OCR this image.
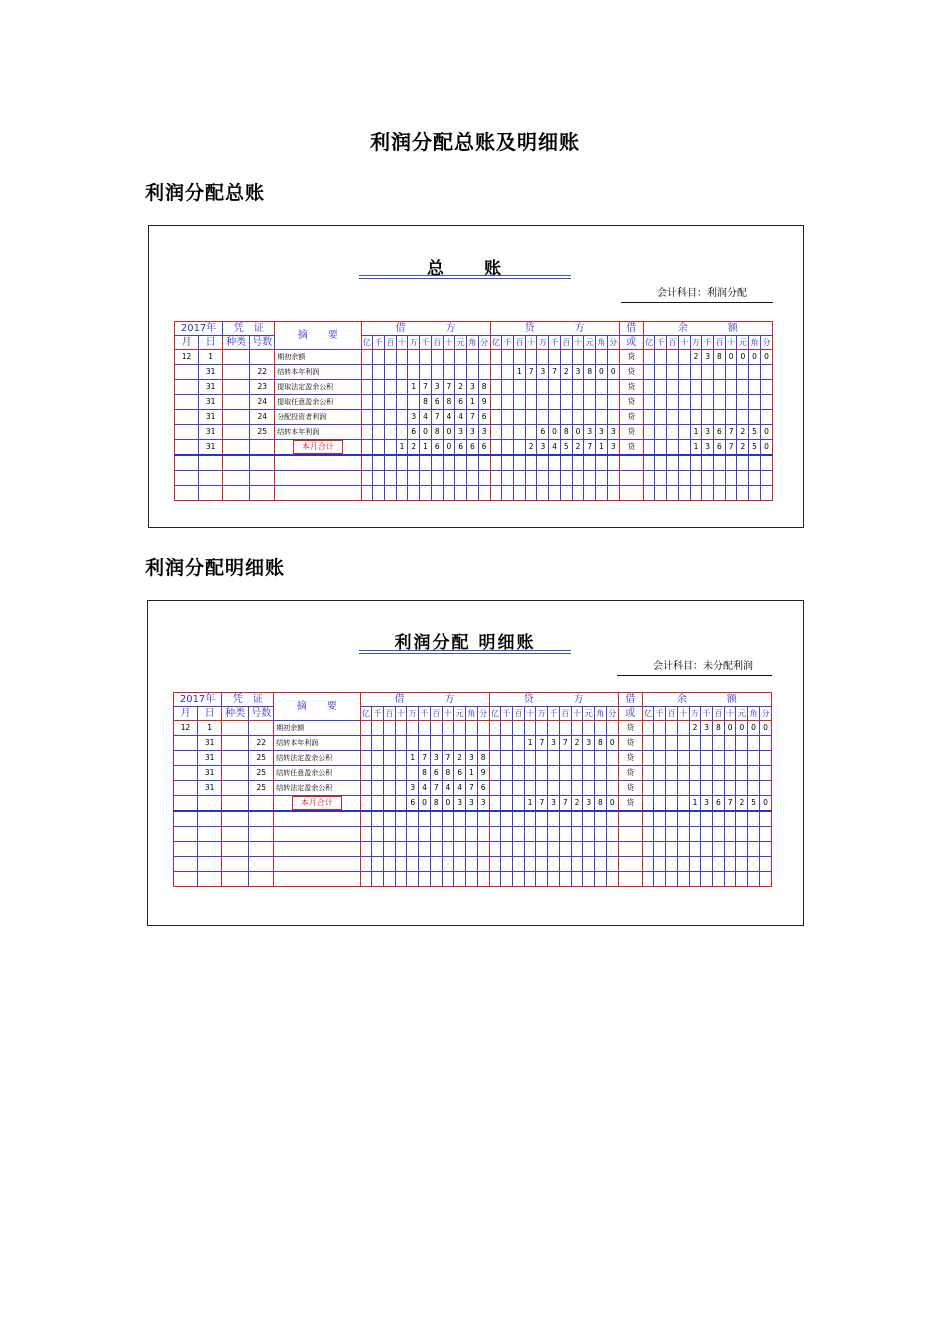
利润分配总账及明细账
利润分配总账
总　　账
会计科目：利润分配
2017年		凭　证		摘　　要	借　　　　方											贷　　　　方											借	余　　　　额										
月	日	种类	号数		亿	千	百	十	万	千	百	十	元	角	分	亿	千	百	十	万	千	百	十	元	角	分	或	亿	千	百	十	万	千	百	十	元	角	分
12	1			期初余额																							贷					2	3	8	0	0	0	0
	31		22	结转本年利润														1	7	3	7	2	3	8	0	0	贷											
	31		23	提取法定盈余公积					1	7	3	7	2	3	8												贷											
	31		24	提取任意盈余公积						8	6	8	6	1	9												贷											
	31		24	分配投资者利润					3	4	7	4	4	7	6												贷											
	31		25	结转本年利润					6	0	8	0	3	3	3					6	0	8	0	3	3	3	贷					1	3	6	7	2	5	0
	31			本月合计				1	2	1	6	0	6	6	6				2	3	4	5	2	7	1	3	贷					1	3	6	7	2	5	0

利润分配明细账
利润分配 明细账
会计科目：未分配利润
2017年		凭　证		摘　　要	借　　　　方											贷　　　　方											借	余　　　　额										
月	日	种类	号数		亿	千	百	十	万	千	百	十	元	角	分	亿	千	百	十	万	千	百	十	元	角	分	或	亿	千	百	十	万	千	百	十	元	角	分
12	1			期初余额																							贷					2	3	8	0	0	0	0
	31		22	结转本年利润															1	7	3	7	2	3	8	0	贷											
	31		25	结转法定盈余公积					1	7	3	7	2	3	8												贷											
	31		25	结转任意盈余公积						8	6	8	6	1	9												贷											
	31		25	结转法定盈余公积					3	4	7	4	4	7	6												贷											
				本月合计					6	0	8	0	3	3	3				1	7	3	7	2	3	8	0	贷					1	3	6	7	2	5	0
